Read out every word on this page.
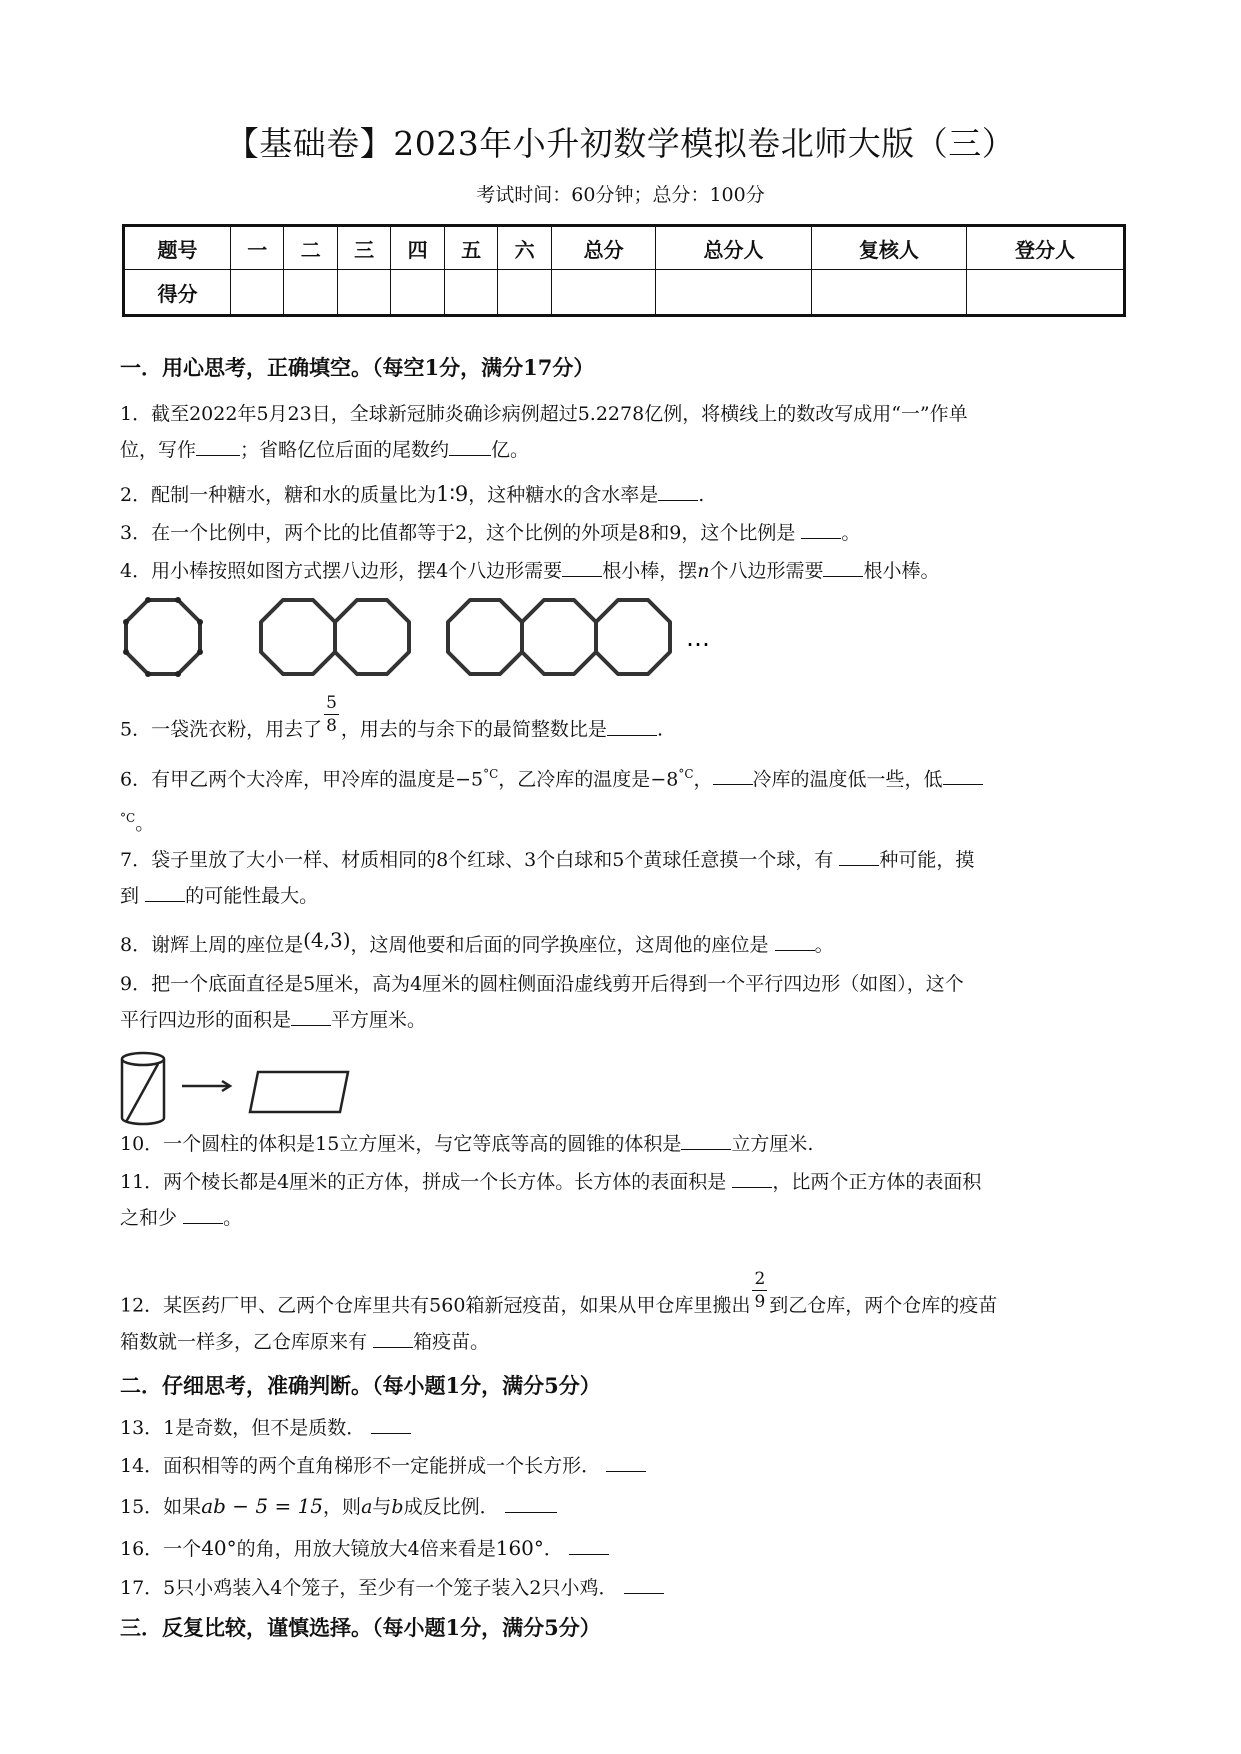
【基础卷】2023年小升初数学模拟卷北师大版（三）
考试时间：60分钟；总分：100分
题号	一	二	三	四	五	六	总分	总分人	复核人	登分人
得分										
一．用心思考，正确填空。（每空1分，满分17分）
1．截至2022年5月23日，全球新冠肺炎确诊病例超过5.2278亿例，将横线上的数改写成用“一”作单
位，写作 ；省略亿位后面的尾数约 亿。
2．配制一种糖水，糖和水的质量比为1∶9，这种糖水的含水率是 .
3．在一个比例中，两个比的比值都等于2，这个比例的外项是8和9，这个比例是 。
4．用小棒按照如图方式摆八边形，摆4个八边形需要 根小棒，摆n个八边形需要 根小棒。
…
5．一袋洗衣粉，用去了 $\frac{5}{8}$ ，用去的与余下的最简整数比是	.
6．有甲乙两个大冷库，甲冷库的温度是$-5^{^\circ C}$，乙冷库的温度是$-8^{^\circ C}$， 冷库的温度低一些，低
$^{^\circ C}$。
7．袋子里放了大小一样、材质相同的8个红球、3个白球和5个黄球任意摸一个球，有 种可能，摸
到 的可能性最大。
8．谢辉上周的座位是(4,3)，这周他要和后面的同学换座位，这周他的座位是 。
9．把一个底面直径是5厘米，高为4厘米的圆柱侧面沿虚线剪开后得到一个平行四边形（如图），这个
平行四边形的面积是 平方厘米。
10．一个圆柱的体积是15立方厘米，与它等底等高的圆锥的体积是	立方厘米.
11．两个棱长都是4厘米的正方体，拼成一个长方体。长方体的表面积是 ，比两个正方体的表面积
之和少 。
12．某医药厂甲、乙两个仓库里共有560箱新冠疫苗，如果从甲仓库里搬出 $\frac{2}{9}$ 到乙仓库，两个仓库的疫苗
箱数就一样多，乙仓库原来有 箱疫苗。
二．仔细思考，准确判断。（每小题1分，满分5分）
13．1是奇数，但不是质数．
14．面积相等的两个直角梯形不一定能拼成一个长方形．
15．如果ab − 5 = 15，则a与b成反比例．
16．一个40°的角，用放大镜放大4倍来看是160°．
17．5只小鸡装入4个笼子，至少有一个笼子装入2只小鸡．
三．反复比较，谨慎选择。（每小题1分，满分5分）
